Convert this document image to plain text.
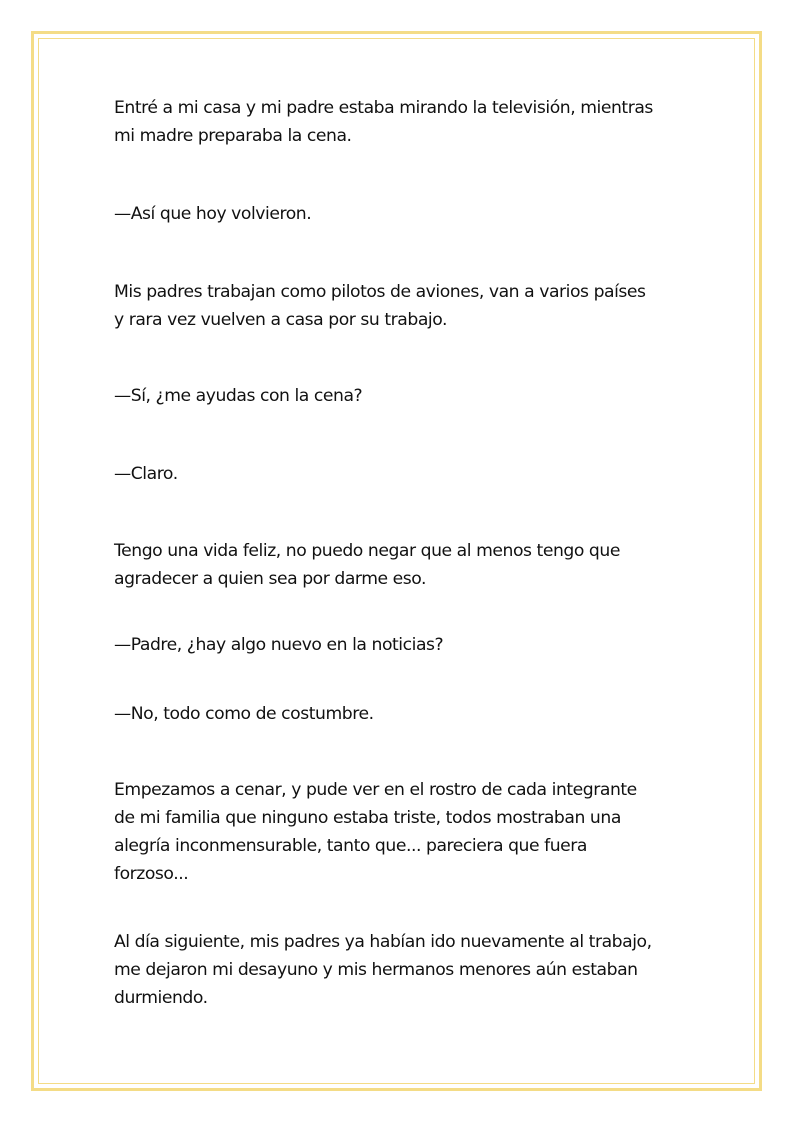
Entré a mi casa y mi padre estaba mirando la televisión, mientras
mi madre preparaba la cena.

—Así que hoy volvieron.

Mis padres trabajan como pilotos de aviones, van a varios países
y rara vez vuelven a casa por su trabajo.

—Sí, ¿me ayudas con la cena?

—Claro.

Tengo una vida feliz, no puedo negar que al menos tengo que
agradecer a quien sea por darme eso.

—Padre, ¿hay algo nuevo en la noticias?

—No, todo como de costumbre.

Empezamos a cenar, y pude ver en el rostro de cada integrante
de mi familia que ninguno estaba triste, todos mostraban una
alegría inconmensurable, tanto que... pareciera que fuera
forzoso...

Al día siguiente, mis padres ya habían ido nuevamente al trabajo,
me dejaron mi desayuno y mis hermanos menores aún estaban
durmiendo.
